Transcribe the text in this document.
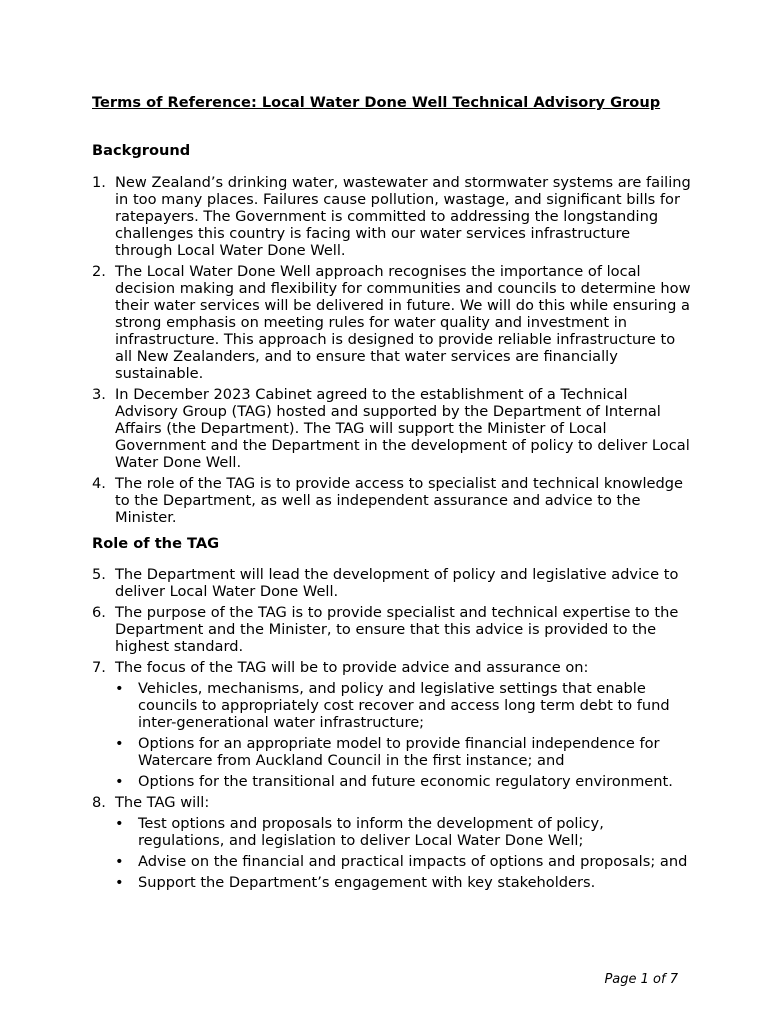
Terms of Reference: Local Water Done Well Technical Advisory Group
Background
1. New Zealand’s drinking water, wastewater and stormwater systems are failing in too many places. Failures cause pollution, wastage, and significant bills for ratepayers. The Government is committed to addressing the longstanding challenges this country is facing with our water services infrastructure through Local Water Done Well.
2. The Local Water Done Well approach recognises the importance of local decision making and flexibility for communities and councils to determine how their water services will be delivered in future. We will do this while ensuring a strong emphasis on meeting rules for water quality and investment in infrastructure. This approach is designed to provide reliable infrastructure to all New Zealanders, and to ensure that water services are financially sustainable.
3. In December 2023 Cabinet agreed to the establishment of a Technical Advisory Group (TAG) hosted and supported by the Department of Internal Affairs (the Department). The TAG will support the Minister of Local Government and the Department in the development of policy to deliver Local Water Done Well.
4. The role of the TAG is to provide access to specialist and technical knowledge to the Department, as well as independent assurance and advice to the Minister.
Role of the TAG
5. The Department will lead the development of policy and legislative advice to deliver Local Water Done Well.
6. The purpose of the TAG is to provide specialist and technical expertise to the Department and the Minister, to ensure that this advice is provided to the highest standard.
7. The focus of the TAG will be to provide advice and assurance on:
• Vehicles, mechanisms, and policy and legislative settings that enable councils to appropriately cost recover and access long term debt to fund inter-generational water infrastructure;
• Options for an appropriate model to provide financial independence for Watercare from Auckland Council in the first instance; and
• Options for the transitional and future economic regulatory environment.
8. The TAG will:
• Test options and proposals to inform the development of policy, regulations, and legislation to deliver Local Water Done Well;
• Advise on the financial and practical impacts of options and proposals; and
• Support the Department’s engagement with key stakeholders.
Page 1 of 7
